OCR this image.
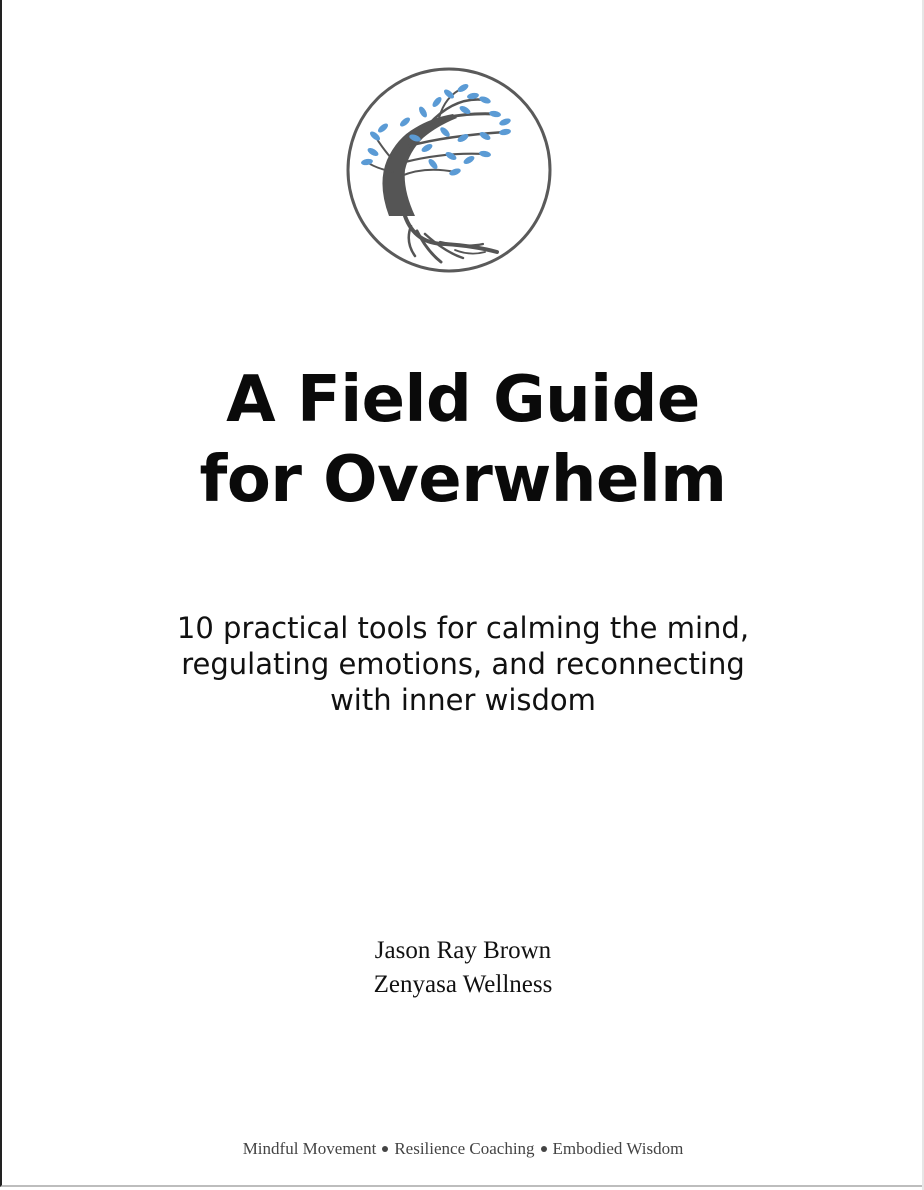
A Field Guide
for Overwhelm
10 practical tools for calming the mind,
regulating emotions, and reconnecting
with inner wisdom
Jason Ray Brown
Zenyasa Wellness
Mindful Movement Resilience Coaching Embodied Wisdom
